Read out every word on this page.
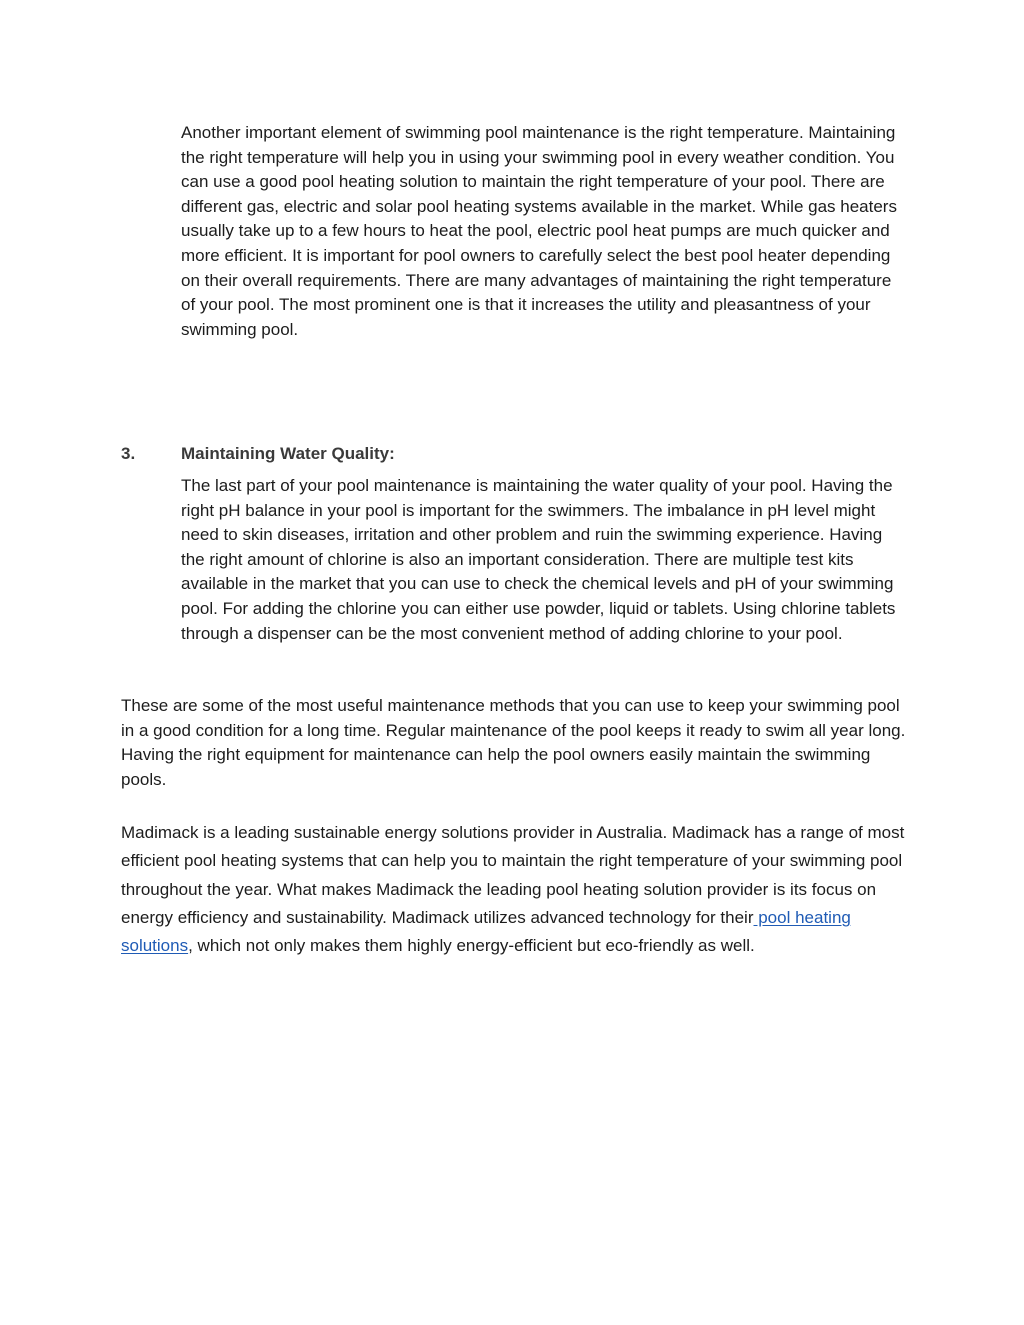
Another important element of swimming pool maintenance is the right temperature. Maintaining the right temperature will help you in using your swimming pool in every weather condition. You can use a good pool heating solution to maintain the right temperature of your pool. There are different gas, electric and solar pool heating systems available in the market. While gas heaters usually take up to a few hours to heat the pool, electric pool heat pumps are much quicker and more efficient. It is important for pool owners to carefully select the best pool heater depending on their overall requirements. There are many advantages of maintaining the right temperature of your pool. The most prominent one is that it increases the utility and pleasantness of your swimming pool.

3.	Maintaining Water Quality:

The last part of your pool maintenance is maintaining the water quality of your pool. Having the right pH balance in your pool is important for the swimmers. The imbalance in pH level might need to skin diseases, irritation and other problem and ruin the swimming experience. Having the right amount of chlorine is also an important consideration. There are multiple test kits available in the market that you can use to check the chemical levels and pH of your swimming pool. For adding the chlorine you can either use powder, liquid or tablets. Using chlorine tablets through a dispenser can be the most convenient method of adding chlorine to your pool.

These are some of the most useful maintenance methods that you can use to keep your swimming pool in a good condition for a long time. Regular maintenance of the pool keeps it ready to swim all year long. Having the right equipment for maintenance can help the pool owners easily maintain the swimming pools.

Madimack is a leading sustainable energy solutions provider in Australia. Madimack has a range of most efficient pool heating systems that can help you to maintain the right temperature of your swimming pool throughout the year. What makes Madimack the leading pool heating solution provider is its focus on energy efficiency and sustainability. Madimack utilizes advanced technology for their pool heating solutions, which not only makes them highly energy-efficient but eco-friendly as well.
